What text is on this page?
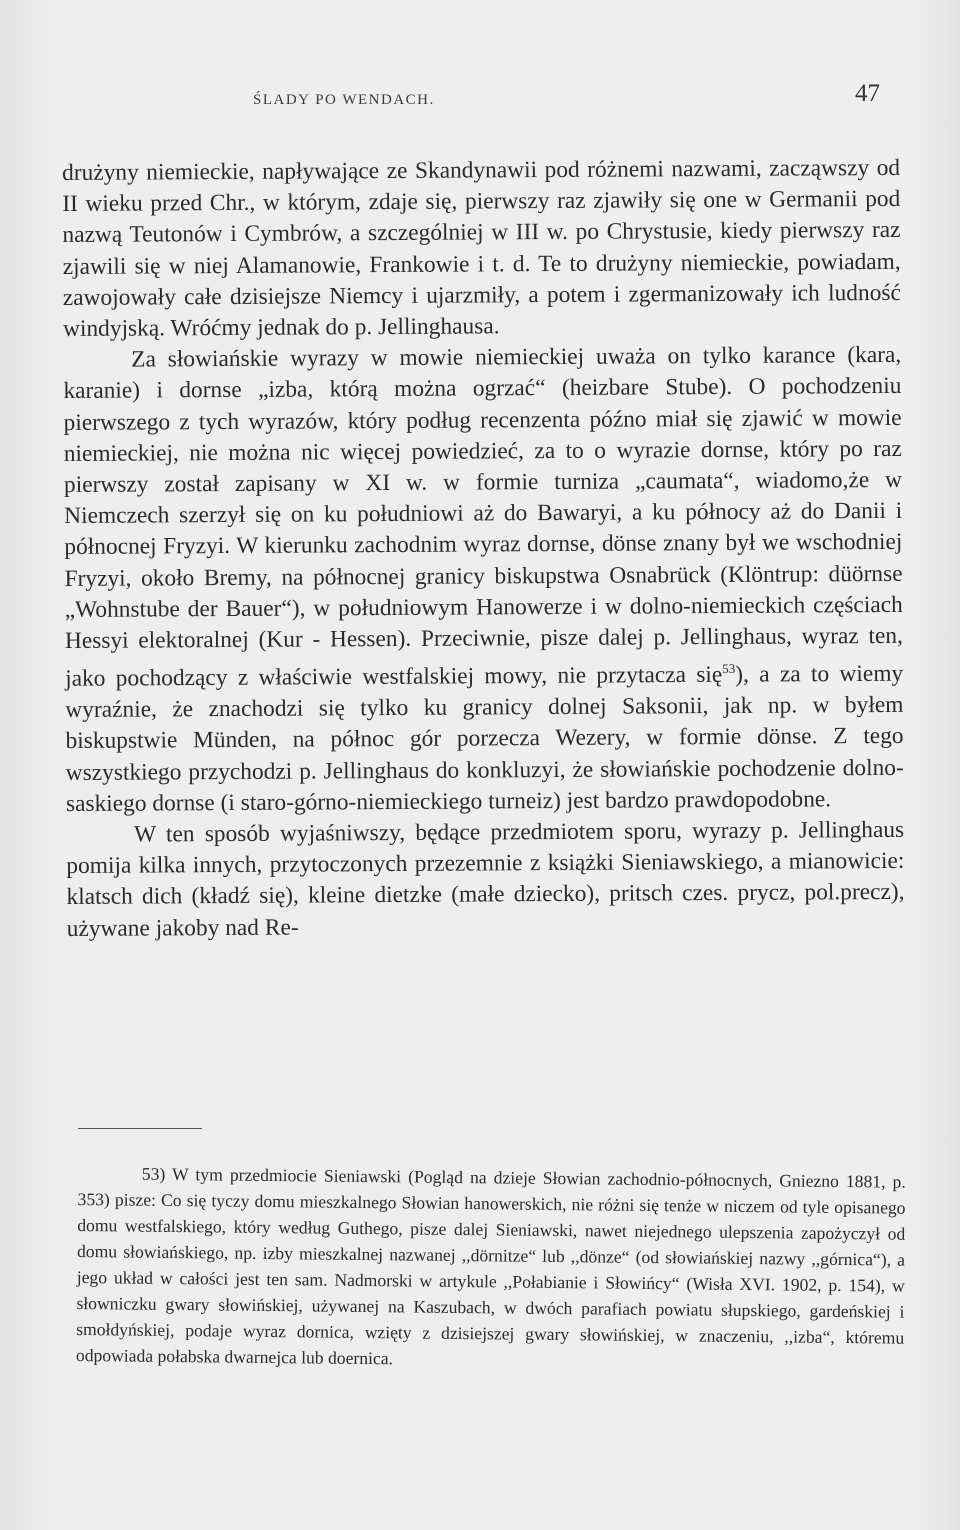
ŚLADY PO WENDACH.	47

drużyny niemieckie, napływające ze Skandynawii pod różnemi nazwami, zacząwszy od II wieku przed Chr., w którym, zdaje się, pierwszy raz zjawiły się one w Germanii pod nazwą Teutonów i Cymbrów, a szczególniej w III w. po Chrystusie, kiedy pierwszy raz zjawili się w niej Alamanowie, Frankowie i t. d. Te to drużyny niemieckie, powiadam, zawojowały całe dzisiejsze Niemcy i ujarzmiły, a potem i zgermanizowały ich ludność windyjską. Wróćmy jednak do p. Jellinghausa.

Za słowiańskie wyrazy w mowie niemieckiej uważa on tylko karance (kara, karanie) i dornse „izba, którą można ogrzać“ (heizbare Stube). O pochodzeniu pierwszego z tych wyrazów, który podług recenzenta późno miał się zjawić w mowie niemieckiej, nie można nic więcej powiedzieć, za to o wyrazie dornse, który po raz pierwszy został zapisany w XI w. w formie turniza „caumata“, wiadomo,że w Niemczech szerzył się on ku południowi aż do Bawaryi, a ku północy aż do Danii i północnej Fryzyi. W kierunku zachodnim wyraz dornse, dönse znany był we wschodniej Fryzyi, około Bremy, na północnej granicy biskupstwa Osnabrück (Klöntrup: düörnse „Wohnstube der Bauer“), w południowym Hanowerze i w dolno-niemieckich częściach Hessyi elektoralnej (Kur - Hessen). Przeciwnie, pisze dalej p. Jellinghaus, wyraz ten, jako pochodzący z właściwie westfalskiej mowy, nie przytacza się$^{53}$), a za to wiemy wyraźnie, że znachodzi się tylko ku granicy dolnej Saksonii, jak np. w byłem biskupstwie Münden, na północ gór porzecza Wezery, w formie dönse. Z tego wszystkiego przychodzi p. Jellinghaus do konkluzyi, że słowiańskie pochodzenie dolno-saskiego dornse (i staro-górno-niemieckiego turneiz) jest bardzo prawdopodobne.

W ten sposób wyjaśniwszy, będące przedmiotem sporu, wyrazy p. Jellinghaus pomija kilka innych, przytoczonych przezemnie z książki Sieniawskiego, a mianowicie: klatsch dich (kładź się), kleine dietzke (małe dziecko), pritsch czes. prycz, pol.precz), używane jakoby nad Re-

53) W tym przedmiocie Sieniawski (Pogląd na dzieje Słowian zachodnio-północnych, Gniezno 1881, p. 353) pisze: Co się tyczy domu mieszkalnego Słowian hanowerskich, nie różni się tenże w niczem od tyle opisanego domu westfalskiego, który według Guthego, pisze dalej Sieniawski, nawet niejednego ulepszenia zapożyczył od domu słowiańskiego, np. izby mieszkalnej nazwanej ,,dörnitze“ lub ,,dönze“ (od słowiańskiej nazwy ,,górnica“), a jego układ w całości jest ten sam. Nadmorski w artykule ,,Połabianie i Słowińcy“ (Wisła XVI. 1902, p. 154), w słowniczku gwary słowińskiej, używanej na Kaszubach, w dwóch parafiach powiatu słupskiego, gardeńskiej i smołdyńskiej, podaje wyraz dornica, wzięty z dzisiejszej gwary słowińskiej, w znaczeniu, ,,izba“, któremu odpowiada połabska dwarnejca lub doernica.
